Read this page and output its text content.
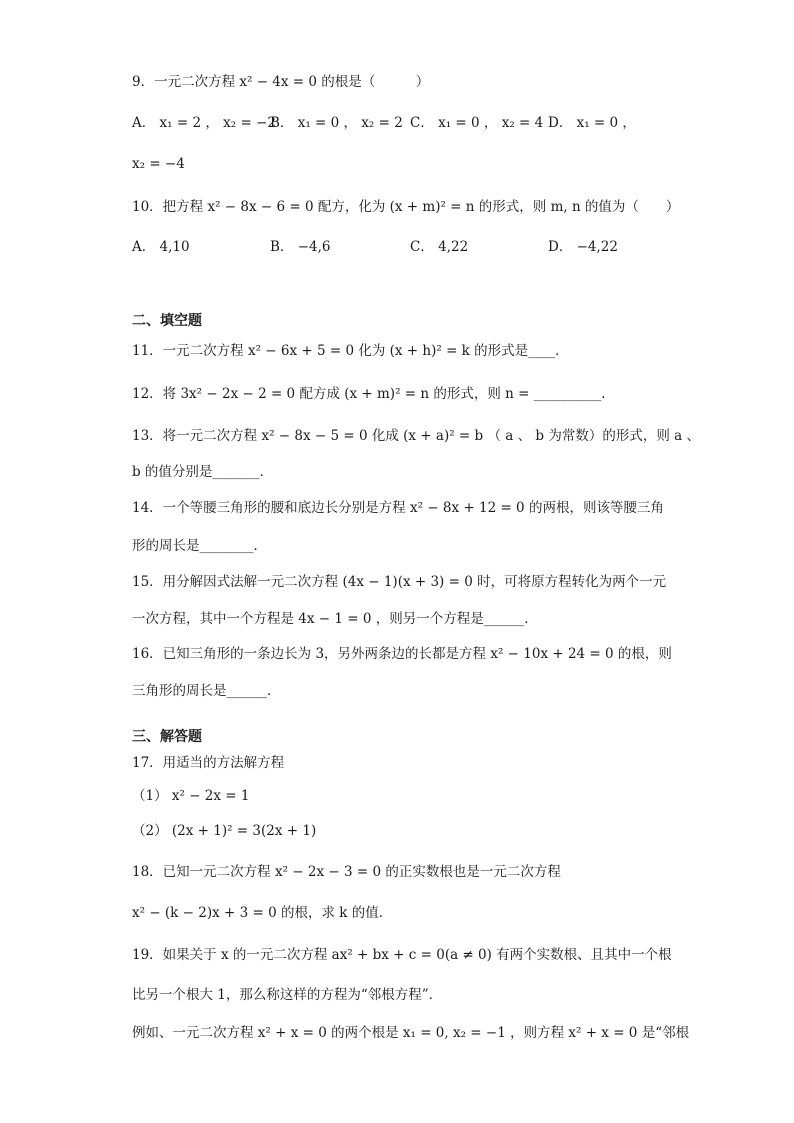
9．一元二次方程 x² − 4x = 0 的根是（　　　）
A． x₁ = 2 ， x₂ = −2
B． x₁ = 0 ， x₂ = 2 C． x₁ = 0 ， x₂ = 4 D． x₁ = 0 ，
x₂ = −4
10．把方程 x² − 8x − 6 = 0 配方，化为 (x + m)² = n 的形式，则 m, n 的值为（　　）
A． 4,10	B． −4,6	C． 4,22	D． −4,22
二、填空题
11．一元二次方程 x² − 6x + 5 = 0 化为 (x + h)² = k 的形式是____．
12．将 3x² − 2x − 2 = 0 配方成 (x + m)² = n 的形式，则 n = __________．
13．将一元二次方程 x² − 8x − 5 = 0 化成 (x + a)² = b （ a 、 b 为常数）的形式，则 a 、
b 的值分别是_______．
14．一个等腰三角形的腰和底边长分别是方程 x² − 8x + 12 = 0 的两根，则该等腰三角
形的周长是________．
15．用分解因式法解一元二次方程 (4x − 1)(x + 3) = 0 时，可将原方程转化为两个一元
一次方程，其中一个方程是 4x − 1 = 0 ，则另一个方程是______．
16．已知三角形的一条边长为 3，另外两条边的长都是方程 x² − 10x + 24 = 0 的根，则
三角形的周长是______．
三、解答题
17．用适当的方法解方程
（1） x² − 2x = 1
（2） (2x + 1)² = 3(2x + 1)
18．已知一元二次方程 x² − 2x − 3 = 0 的正实数根也是一元二次方程
x² − (k − 2)x + 3 = 0 的根，求 k 的值．
19．如果关于 x 的一元二次方程 ax² + bx + c = 0(a ≠ 0) 有两个实数根、且其中一个根
比另一个根大 1，那么称这样的方程为“邻根方程”．
例如、一元二次方程 x² + x = 0 的两个根是 x₁ = 0, x₂ = −1 ，则方程 x² + x = 0 是“邻根
